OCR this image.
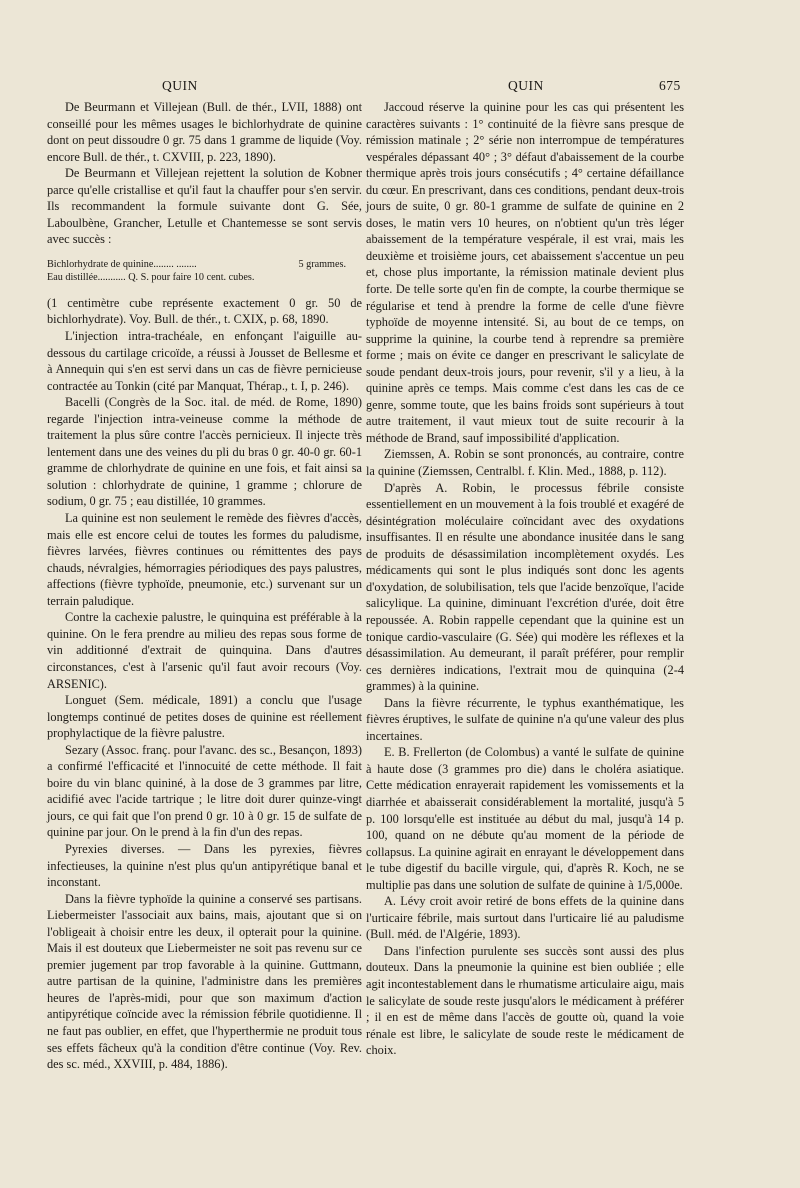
QUIN	QUIN	675

De Beurmann et Villejean (Bull. de thér., LVII, 1888) ont conseillé pour les mêmes usages le bichlorhydrate de quinine dont on peut dissoudre 0 gr. 75 dans 1 gramme de liquide (Voy. encore Bull. de thér., t. CXVIII, p. 223, 1890).

De Beurmann et Villejean rejettent la solution de Kobner parce qu'elle cristallise et qu'il faut la chauffer pour s'en servir. Ils recommandent la formule suivante dont G. Sée, Laboulbène, Grancher, Letulle et Chantemesse se sont servis avec succès :

Bichlorhydrate de quinine........ ........	5 grammes.
Eau distillée........... Q. S. pour faire 10 cent. cubes.

(1 centimètre cube représente exactement 0 gr. 50 de bichlorhydrate). Voy. Bull. de thér., t. CXIX, p. 68, 1890.

L'injection intra-trachéale, en enfonçant l'aiguille au-dessous du cartilage cricoïde, a réussi à Jousset de Bellesme et à Annequin qui s'en est servi dans un cas de fièvre pernicieuse contractée au Tonkin (cité par Manquat, Thérap., t. I, p. 246).

Bacelli (Congrès de la Soc. ital. de méd. de Rome, 1890) regarde l'injection intra-veineuse comme la méthode de traitement la plus sûre contre l'accès pernicieux. Il injecte très lentement dans une des veines du pli du bras 0 gr. 40-0 gr. 60-1 gramme de chlorhydrate de quinine en une fois, et fait ainsi sa solution : chlorhydrate de quinine, 1 gramme ; chlorure de sodium, 0 gr. 75 ; eau distillée, 10 grammes.

La quinine est non seulement le remède des fièvres d'accès, mais elle est encore celui de toutes les formes du paludisme, fièvres larvées, fièvres continues ou rémittentes des pays chauds, névralgies, hémorragies périodiques des pays palustres, affections (fièvre typhoïde, pneumonie, etc.) survenant sur un terrain paludique.

Contre la cachexie palustre, le quinquina est préférable à la quinine. On le fera prendre au milieu des repas sous forme de vin additionné d'extrait de quinquina. Dans d'autres circonstances, c'est à l'arsenic qu'il faut avoir recours (Voy. ARSENIC).

Longuet (Sem. médicale, 1891) a conclu que l'usage longtemps continué de petites doses de quinine est réellement prophylactique de la fièvre palustre.

Sezary (Assoc. franç. pour l'avanc. des sc., Besançon, 1893) a confirmé l'efficacité et l'innocuité de cette méthode. Il fait boire du vin blanc quininé, à la dose de 3 grammes par litre, acidifié avec l'acide tartrique ; le litre doit durer quinze-vingt jours, ce qui fait que l'on prend 0 gr. 10 à 0 gr. 15 de sulfate de quinine par jour. On le prend à la fin d'un des repas.

Pyrexies diverses. — Dans les pyrexies, fièvres infectieuses, la quinine n'est plus qu'un antipyrétique banal et inconstant.

Dans la fièvre typhoïde la quinine a conservé ses partisans. Liebermeister l'associait aux bains, mais, ajoutant que si on l'obligeait à choisir entre les deux, il opterait pour la quinine. Mais il est douteux que Liebermeister ne soit pas revenu sur ce premier jugement par trop favorable à la quinine. Guttmann, autre partisan de la quinine, l'administre dans les premières heures de l'après-midi, pour que son maximum d'action antipyrétique coïncide avec la rémission fébrile quotidienne. Il ne faut pas oublier, en effet, que l'hyperthermie ne produit tous ses effets fâcheux qu'à la condition d'être continue (Voy. Rev. des sc. méd., XXVIII, p. 484, 1886).

Jaccoud réserve la quinine pour les cas qui présentent les caractères suivants : 1° continuité de la fièvre sans presque de rémission matinale ; 2° série non interrompue de températures vespérales dépassant 40° ; 3° défaut d'abaissement de la courbe thermique après trois jours consécutifs ; 4° certaine défaillance du cœur. En prescrivant, dans ces conditions, pendant deux-trois jours de suite, 0 gr. 80-1 gramme de sulfate de quinine en 2 doses, le matin vers 10 heures, on n'obtient qu'un très léger abaissement de la température vespérale, il est vrai, mais les deuxième et troisième jours, cet abaissement s'accentue un peu et, chose plus importante, la rémission matinale devient plus forte. De telle sorte qu'en fin de compte, la courbe thermique se régularise et tend à prendre la forme de celle d'une fièvre typhoïde de moyenne intensité. Si, au bout de ce temps, on supprime la quinine, la courbe tend à reprendre sa première forme ; mais on évite ce danger en prescrivant le salicylate de soude pendant deux-trois jours, pour revenir, s'il y a lieu, à la quinine après ce temps. Mais comme c'est dans les cas de ce genre, somme toute, que les bains froids sont supérieurs à tout autre traitement, il vaut mieux tout de suite recourir à la méthode de Brand, sauf impossibilité d'application.

Ziemssen, A. Robin se sont prononcés, au contraire, contre la quinine (Ziemssen, Centralbl. f. Klin. Med., 1888, p. 112).

D'après A. Robin, le processus fébrile consiste essentiellement en un mouvement à la fois troublé et exagéré de désintégration moléculaire coïncidant avec des oxydations insuffisantes. Il en résulte une abondance inusitée dans le sang de produits de désassimilation incomplètement oxydés. Les médicaments qui sont le plus indiqués sont donc les agents d'oxydation, de solubilisation, tels que l'acide benzoïque, l'acide salicylique. La quinine, diminuant l'excrétion d'urée, doit être repoussée. A. Robin rappelle cependant que la quinine est un tonique cardio-vasculaire (G. Sée) qui modère les réflexes et la désassimilation. Au demeurant, il paraît préférer, pour remplir ces dernières indications, l'extrait mou de quinquina (2-4 grammes) à la quinine.

Dans la fièvre récurrente, le typhus exanthématique, les fièvres éruptives, le sulfate de quinine n'a qu'une valeur des plus incertaines.

E. B. Frellerton (de Colombus) a vanté le sulfate de quinine à haute dose (3 grammes pro die) dans le choléra asiatique. Cette médication enrayerait rapidement les vomissements et la diarrhée et abaisserait considérablement la mortalité, jusqu'à 5 p. 100 lorsqu'elle est instituée au début du mal, jusqu'à 14 p. 100, quand on ne débute qu'au moment de la période de collapsus. La quinine agirait en enrayant le développement dans le tube digestif du bacille virgule, qui, d'après R. Koch, ne se multiplie pas dans une solution de sulfate de quinine à 1/5,000e.

A. Lévy croit avoir retiré de bons effets de la quinine dans l'urticaire fébrile, mais surtout dans l'urticaire lié au paludisme (Bull. méd. de l'Algérie, 1893).

Dans l'infection purulente ses succès sont aussi des plus douteux. Dans la pneumonie la quinine est bien oubliée ; elle agit incontestablement dans le rhumatisme articulaire aigu, mais le salicylate de soude reste jusqu'alors le médicament à préférer ; il en est de même dans l'accès de goutte où, quand la voie rénale est libre, le salicylate de soude reste le médicament de choix.
